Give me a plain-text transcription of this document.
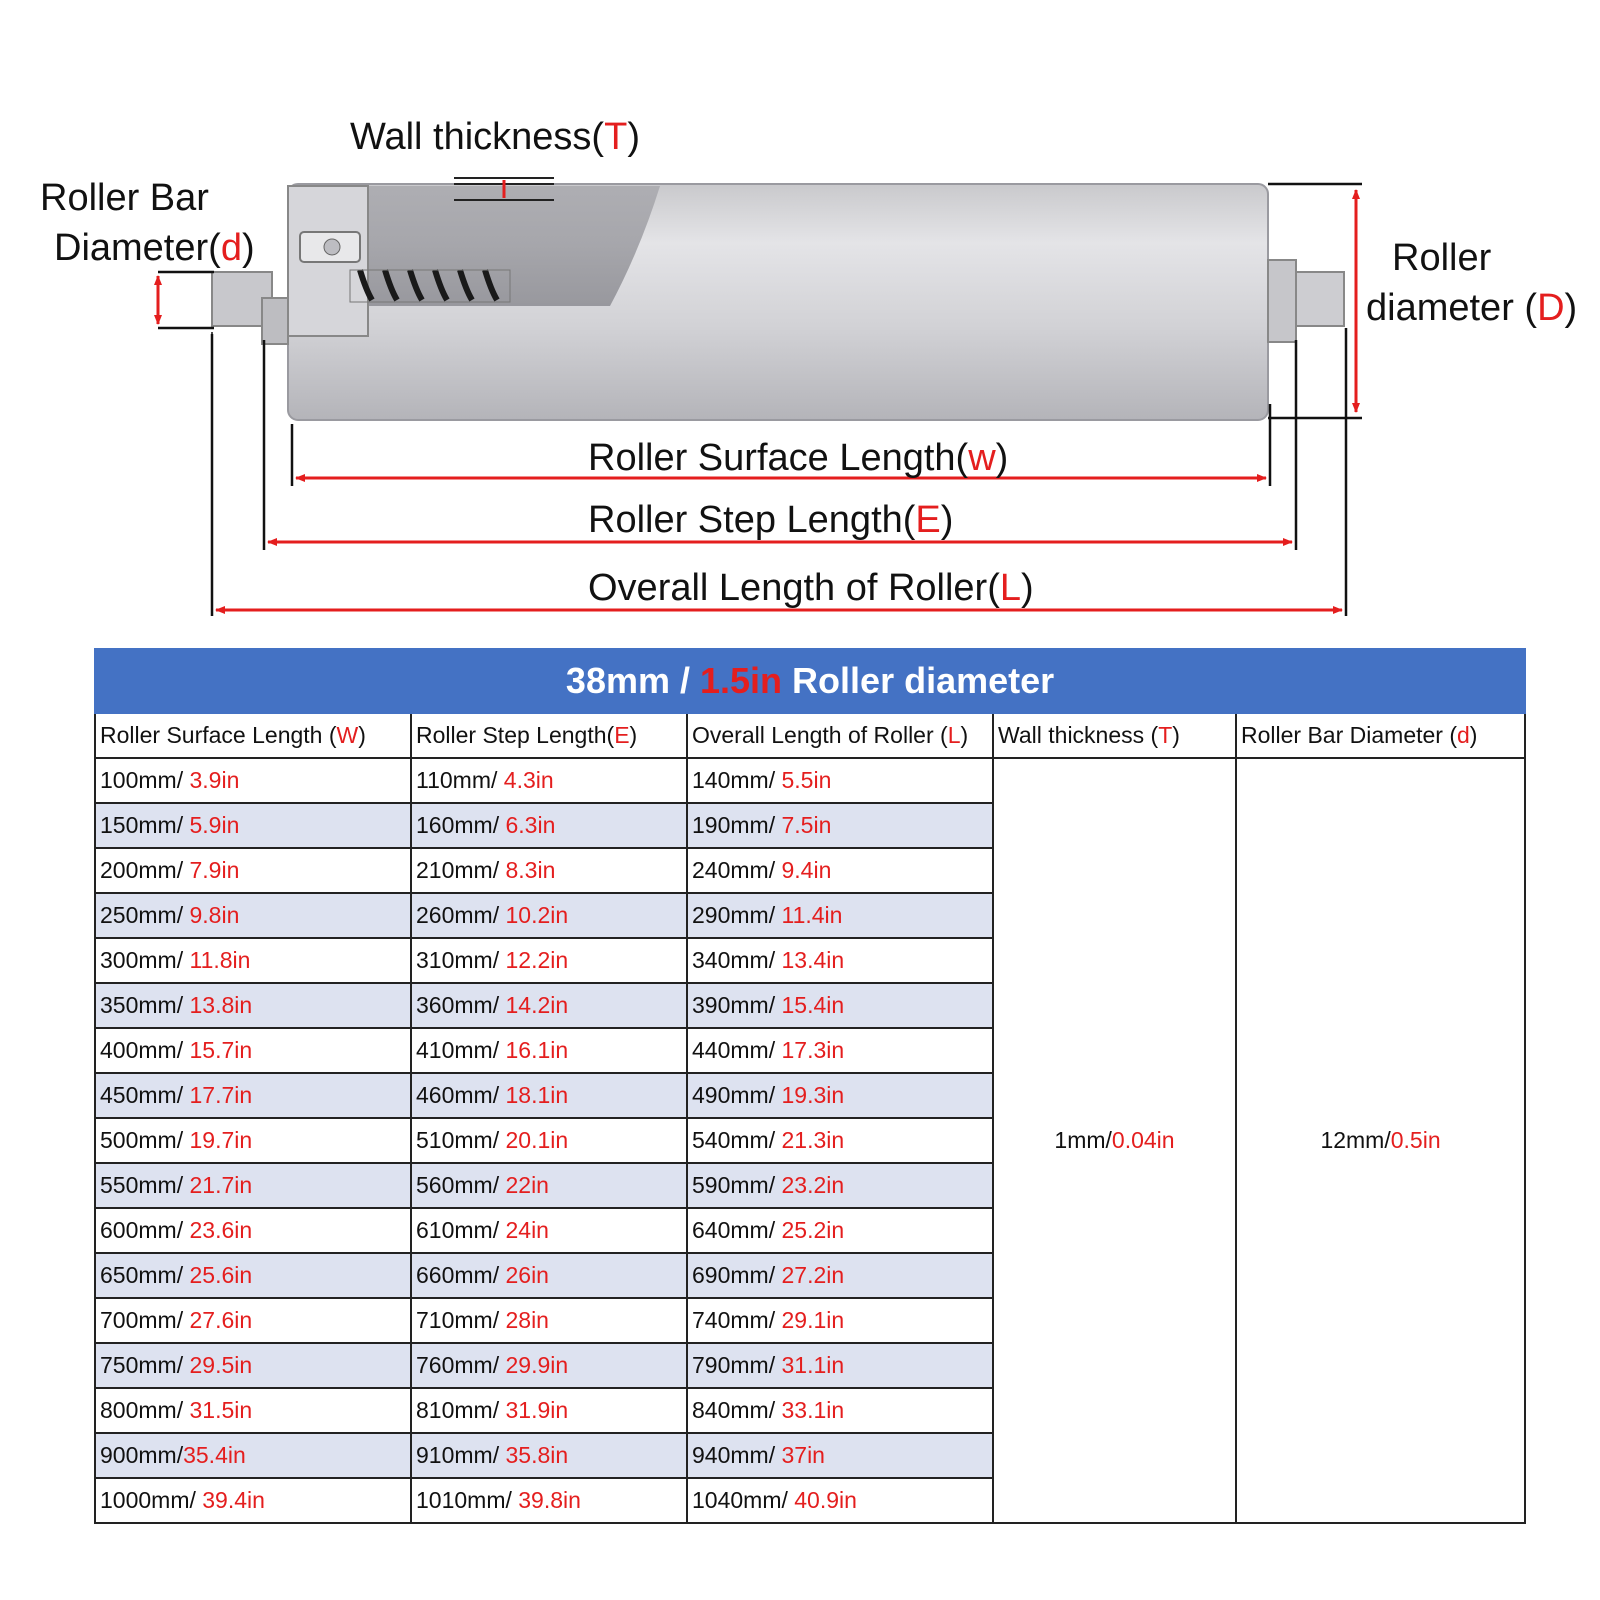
Wall thickness(T)
Roller Bar
Diameter(d)	Roller
diameter (D)
Roller Surface Length(w)
Roller Step Length(E)
Overall Length of Roller(L)
38mm / 1.5in Roller diameter				
Roller Surface Length (W)	Roller Step Length(E)	Overall Length of Roller (L)	Wall thickness (T)	Roller Bar Diameter (d)
100mm/ 3.9in	110mm/ 4.3in	140mm/ 5.5in	1mm/0.04in	12mm/0.5in
150mm/ 5.9in	160mm/ 6.3in	190mm/ 7.5in		
200mm/ 7.9in	210mm/ 8.3in	240mm/ 9.4in		
250mm/ 9.8in	260mm/ 10.2in	290mm/ 11.4in		
300mm/ 11.8in	310mm/ 12.2in	340mm/ 13.4in		
350mm/ 13.8in	360mm/ 14.2in	390mm/ 15.4in		
400mm/ 15.7in	410mm/ 16.1in	440mm/ 17.3in		
450mm/ 17.7in	460mm/ 18.1in	490mm/ 19.3in		
500mm/ 19.7in	510mm/ 20.1in	540mm/ 21.3in		
550mm/ 21.7in	560mm/ 22in	590mm/ 23.2in		
600mm/ 23.6in	610mm/ 24in	640mm/ 25.2in		
650mm/ 25.6in	660mm/ 26in	690mm/ 27.2in		
700mm/ 27.6in	710mm/ 28in	740mm/ 29.1in		
750mm/ 29.5in	760mm/ 29.9in	790mm/ 31.1in		
800mm/ 31.5in	810mm/ 31.9in	840mm/ 33.1in		
900mm/35.4in	910mm/ 35.8in	940mm/ 37in		
1000mm/ 39.4in	1010mm/ 39.8in	1040mm/ 40.9in		
